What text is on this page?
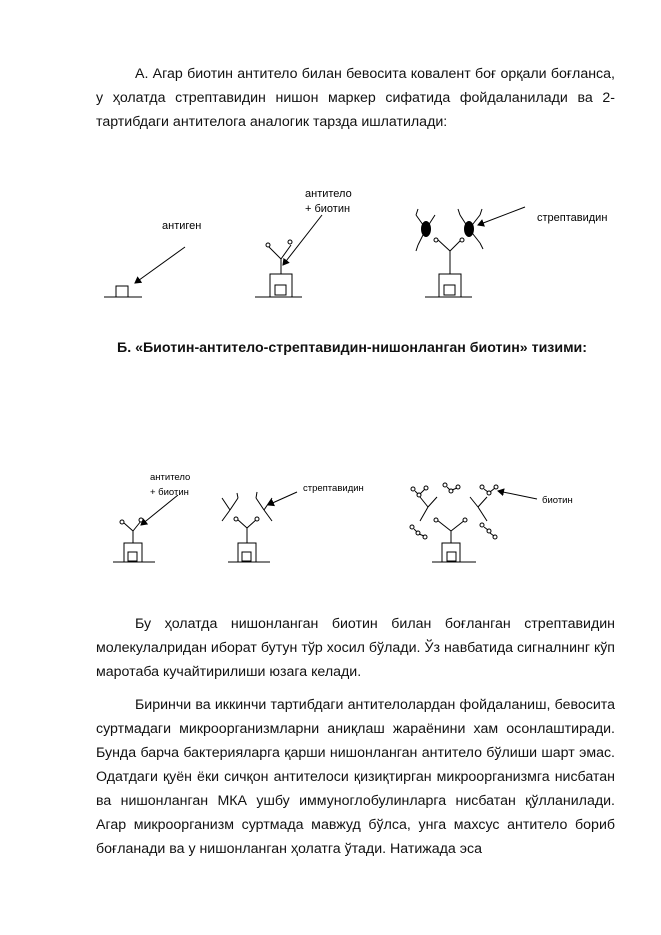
А. Агар биотин антитело билан бевосита ковалент боғ орқали боғланса, у ҳолатда стрептавидин нишон маркер сифатида фойдаланилади ва 2-тартибдаги антителога аналогик тарзда ишлатилади:

антиген
антитело
+ биотин
стрептавидин

Б. «Биотин-антитело-стрептавидин-нишонланган биотин» тизими:

антитело
+ биотин	стрептавидин
биотин

Бу ҳолатда нишонланган биотин билан боғланган стрептавидин молекулалридан иборат бутун тўр хосил бўлади. Ўз навбатида сигналнинг кўп маротаба кучайтирилиши юзага келади.

Биринчи ва иккинчи тартибдаги антителолардан фойдаланиш, бевосита суртмадаги микроорганизмларни аниқлаш жараёнини хам осонлаштиради. Бунда барча бактерияларга қарши нишонланган антитело бўлиши шарт эмас. Одатдаги қуён ёки сичқон антителоси қизиқтирган микроорганизмга нисбатан ва нишонланган МКА ушбу иммуноглобулинларга нисбатан қўлланилади. Агар микроорганизм суртмада мавжуд бўлса, унга махсус антитело бориб боғланади ва у нишонланган ҳолатга ўтади. Натижада эса
